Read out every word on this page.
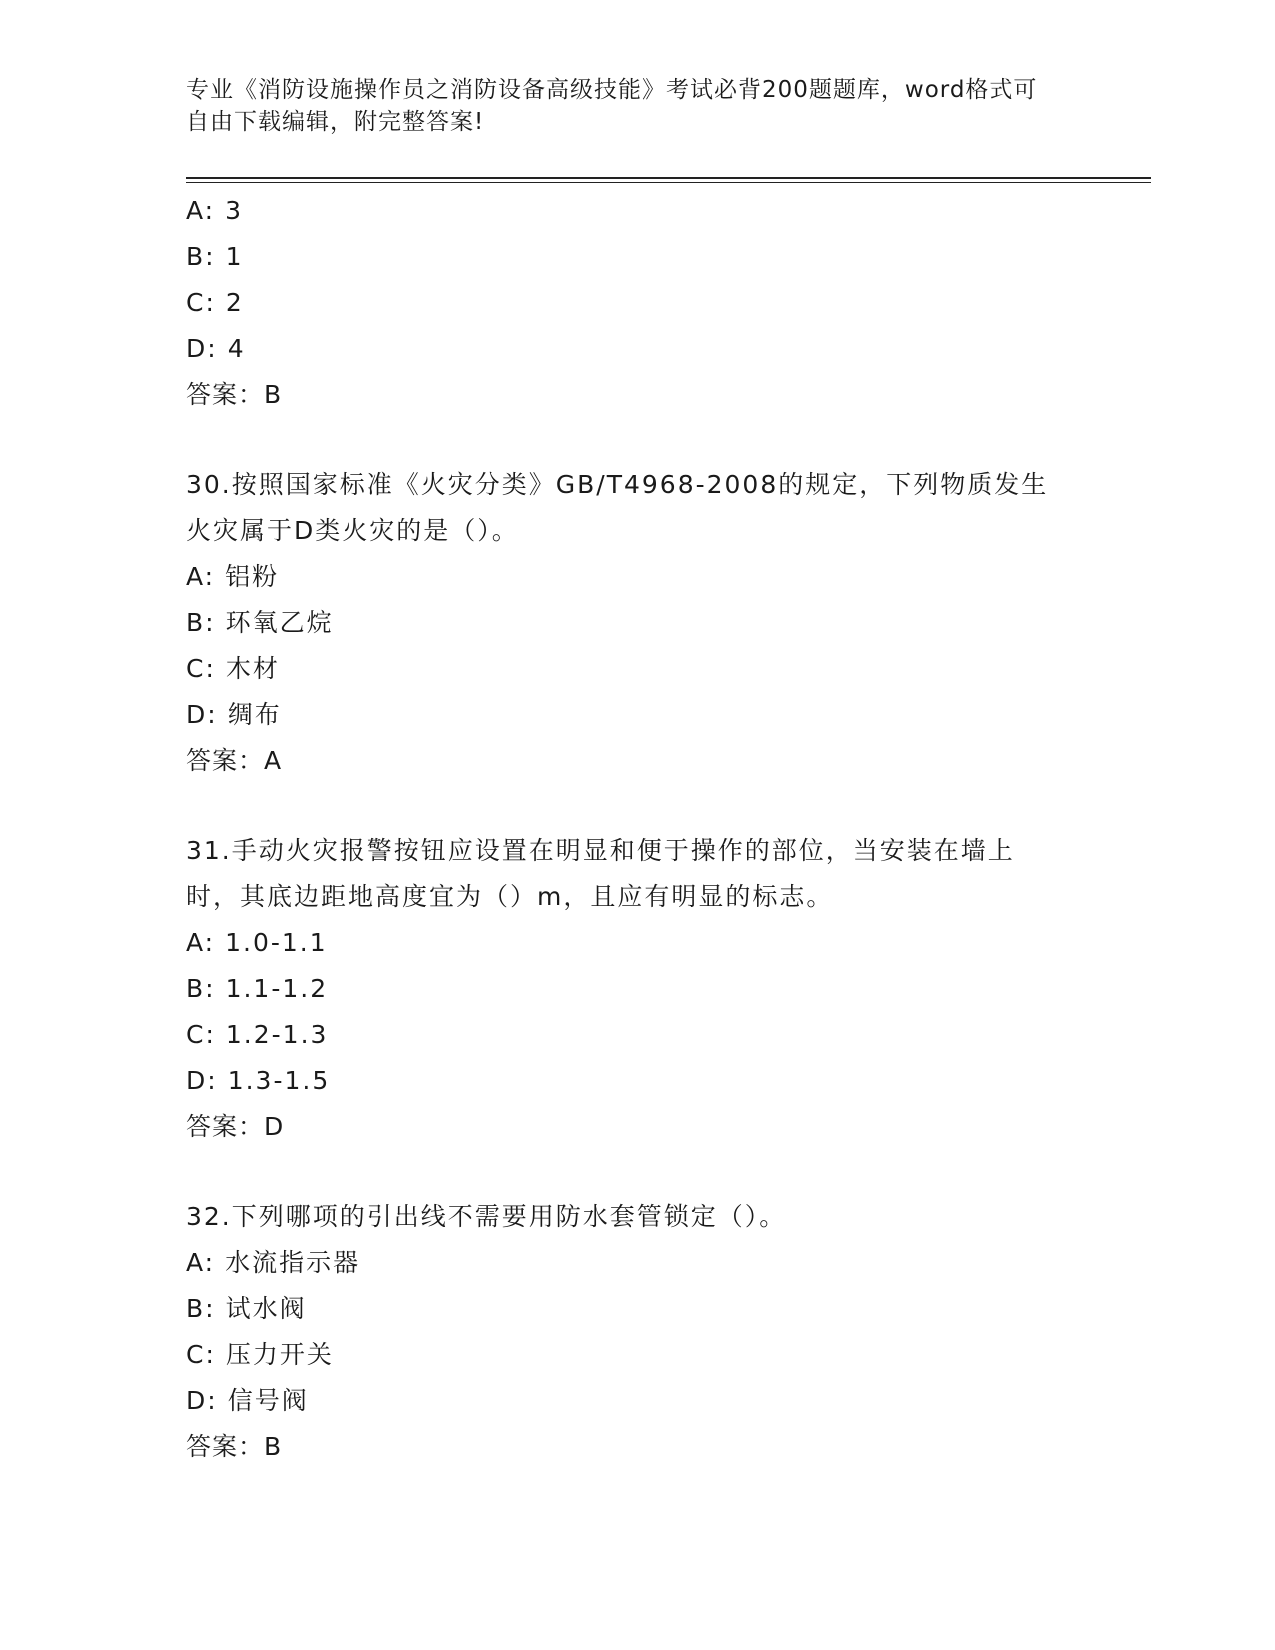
专业《消防设施操作员之消防设备高级技能》考试必背200题题库，word格式可
自由下载编辑，附完整答案!
A: 3
B: 1
C: 2
D: 4
答案：B
30.按照国家标准《火灾分类》GB/T4968-2008的规定，下列物质发生
火灾属于D类火灾的是（）。
A: 铝粉
B: 环氧乙烷
C: 木材
D: 绸布
答案：A
31.手动火灾报警按钮应设置在明显和便于操作的部位，当安装在墙上
时，其底边距地高度宜为（）m，且应有明显的标志。
A: 1.0-1.1
B: 1.1-1.2
C: 1.2-1.3
D: 1.3-1.5
答案：D
32.下列哪项的引出线不需要用防水套管锁定（）。
A: 水流指示器
B: 试水阀
C: 压力开关
D: 信号阀
答案：B
